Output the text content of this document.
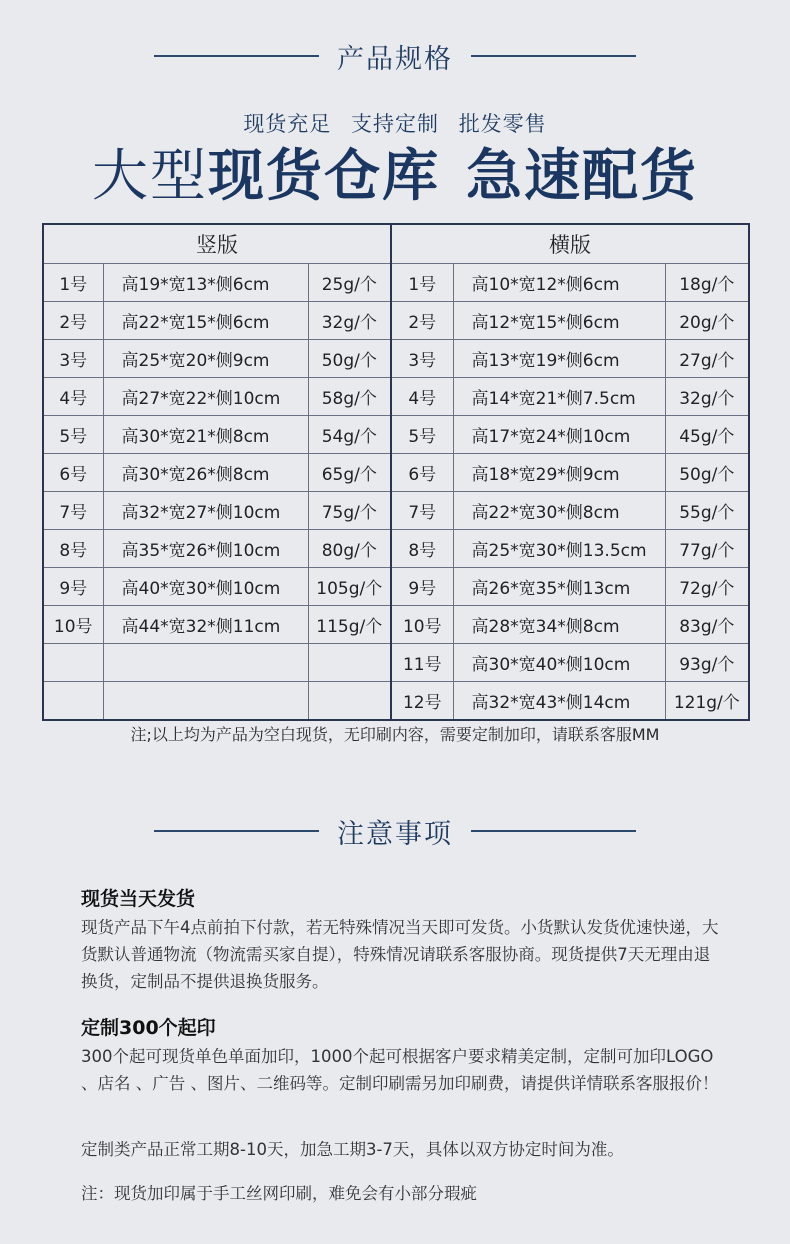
产品规格
现货充足 支持定制 批发零售
大型现货仓库 急速配货
竖版			横版		
1号	高19*宽13*侧6cm	25g/个	1号	高10*宽12*侧6cm	18g/个
2号	高22*宽15*侧6cm	32g/个	2号	高12*宽15*侧6cm	20g/个
3号	高25*宽20*侧9cm	50g/个	3号	高13*宽19*侧6cm	27g/个
4号	高27*宽22*侧10cm	58g/个	4号	高14*宽21*侧7.5cm	32g/个
5号	高30*宽21*侧8cm	54g/个	5号	高17*宽24*侧10cm	45g/个
6号	高30*宽26*侧8cm	65g/个	6号	高18*宽29*侧9cm	50g/个
7号	高32*宽27*侧10cm	75g/个	7号	高22*宽30*侧8cm	55g/个
8号	高35*宽26*侧10cm	80g/个	8号	高25*宽30*侧13.5cm	77g/个
9号	高40*宽30*侧10cm	105g/个	9号	高26*宽35*侧13cm	72g/个
10号	高44*宽32*侧11cm	115g/个	10号	高28*宽34*侧8cm	83g/个
			11号	高30*宽40*侧10cm	93g/个
			12号	高32*宽43*侧14cm	121g/个
注;以上均为产品为空白现货，无印刷内容，需要定制加印，请联系客服MM
注意事项
现货当天发货

现货产品下午4点前拍下付款，若无特殊情况当天即可发货。小货默认发货优速快递，大货默认普通物流（物流需买家自提），特殊情况请联系客服协商。现货提供7天无理由退换货，定制品不提供退换货服务。

定制300个起印

300个起可现货单色单面加印，1000个起可根据客户要求精美定制，定制可加印LOGO 、店名 、广告 、图片、二维码等。定制印刷需另加印刷费，请提供详情联系客服报价！

定制类产品正常工期8-10天，加急工期3-7天，具体以双方协定时间为准。

注：现货加印属于手工丝网印刷，难免会有小部分瑕疵
